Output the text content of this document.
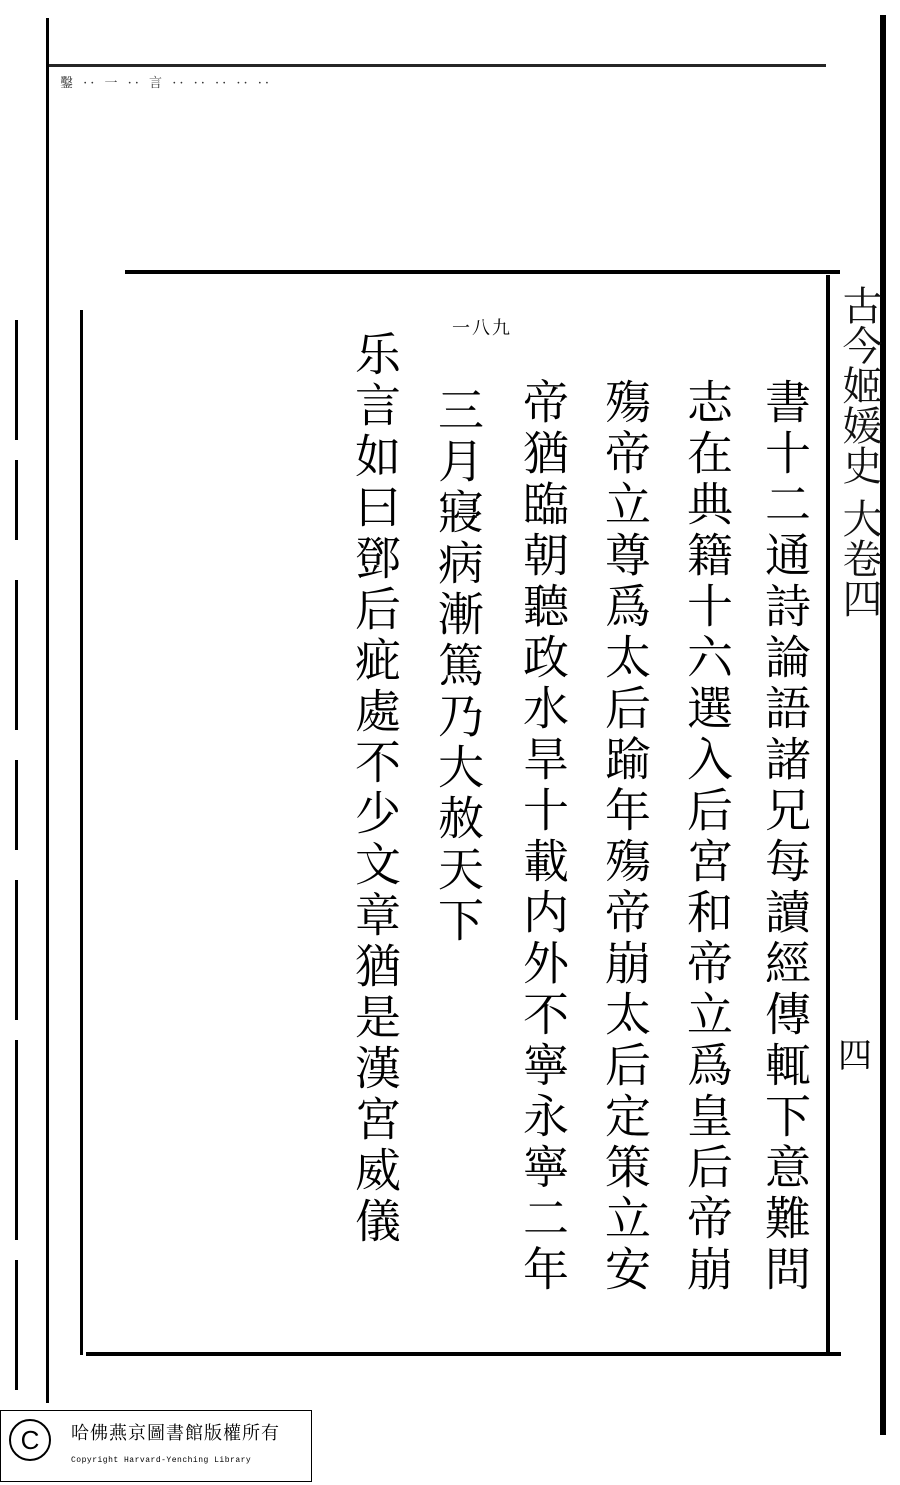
鑿 ·· 一 ·· 言 ·· ·· ·· ·· ··
古今姬媛史 大卷四
四
一八九
書十二通詩論語諸兄每讀經傳輒下意難問
志在典籍十六選入后宮和帝立爲皇后帝崩
殤帝立尊爲太后踰年殤帝崩太后定策立安
帝猶臨朝聽政水旱十載内外不寧永寧二年
三月寢病漸篤乃大赦天下
乐言如曰鄧后疵處不少文章猶是漢宮威儀
C	哈佛燕京圖書館版權所有
Copyright Harvard-Yenching Library
